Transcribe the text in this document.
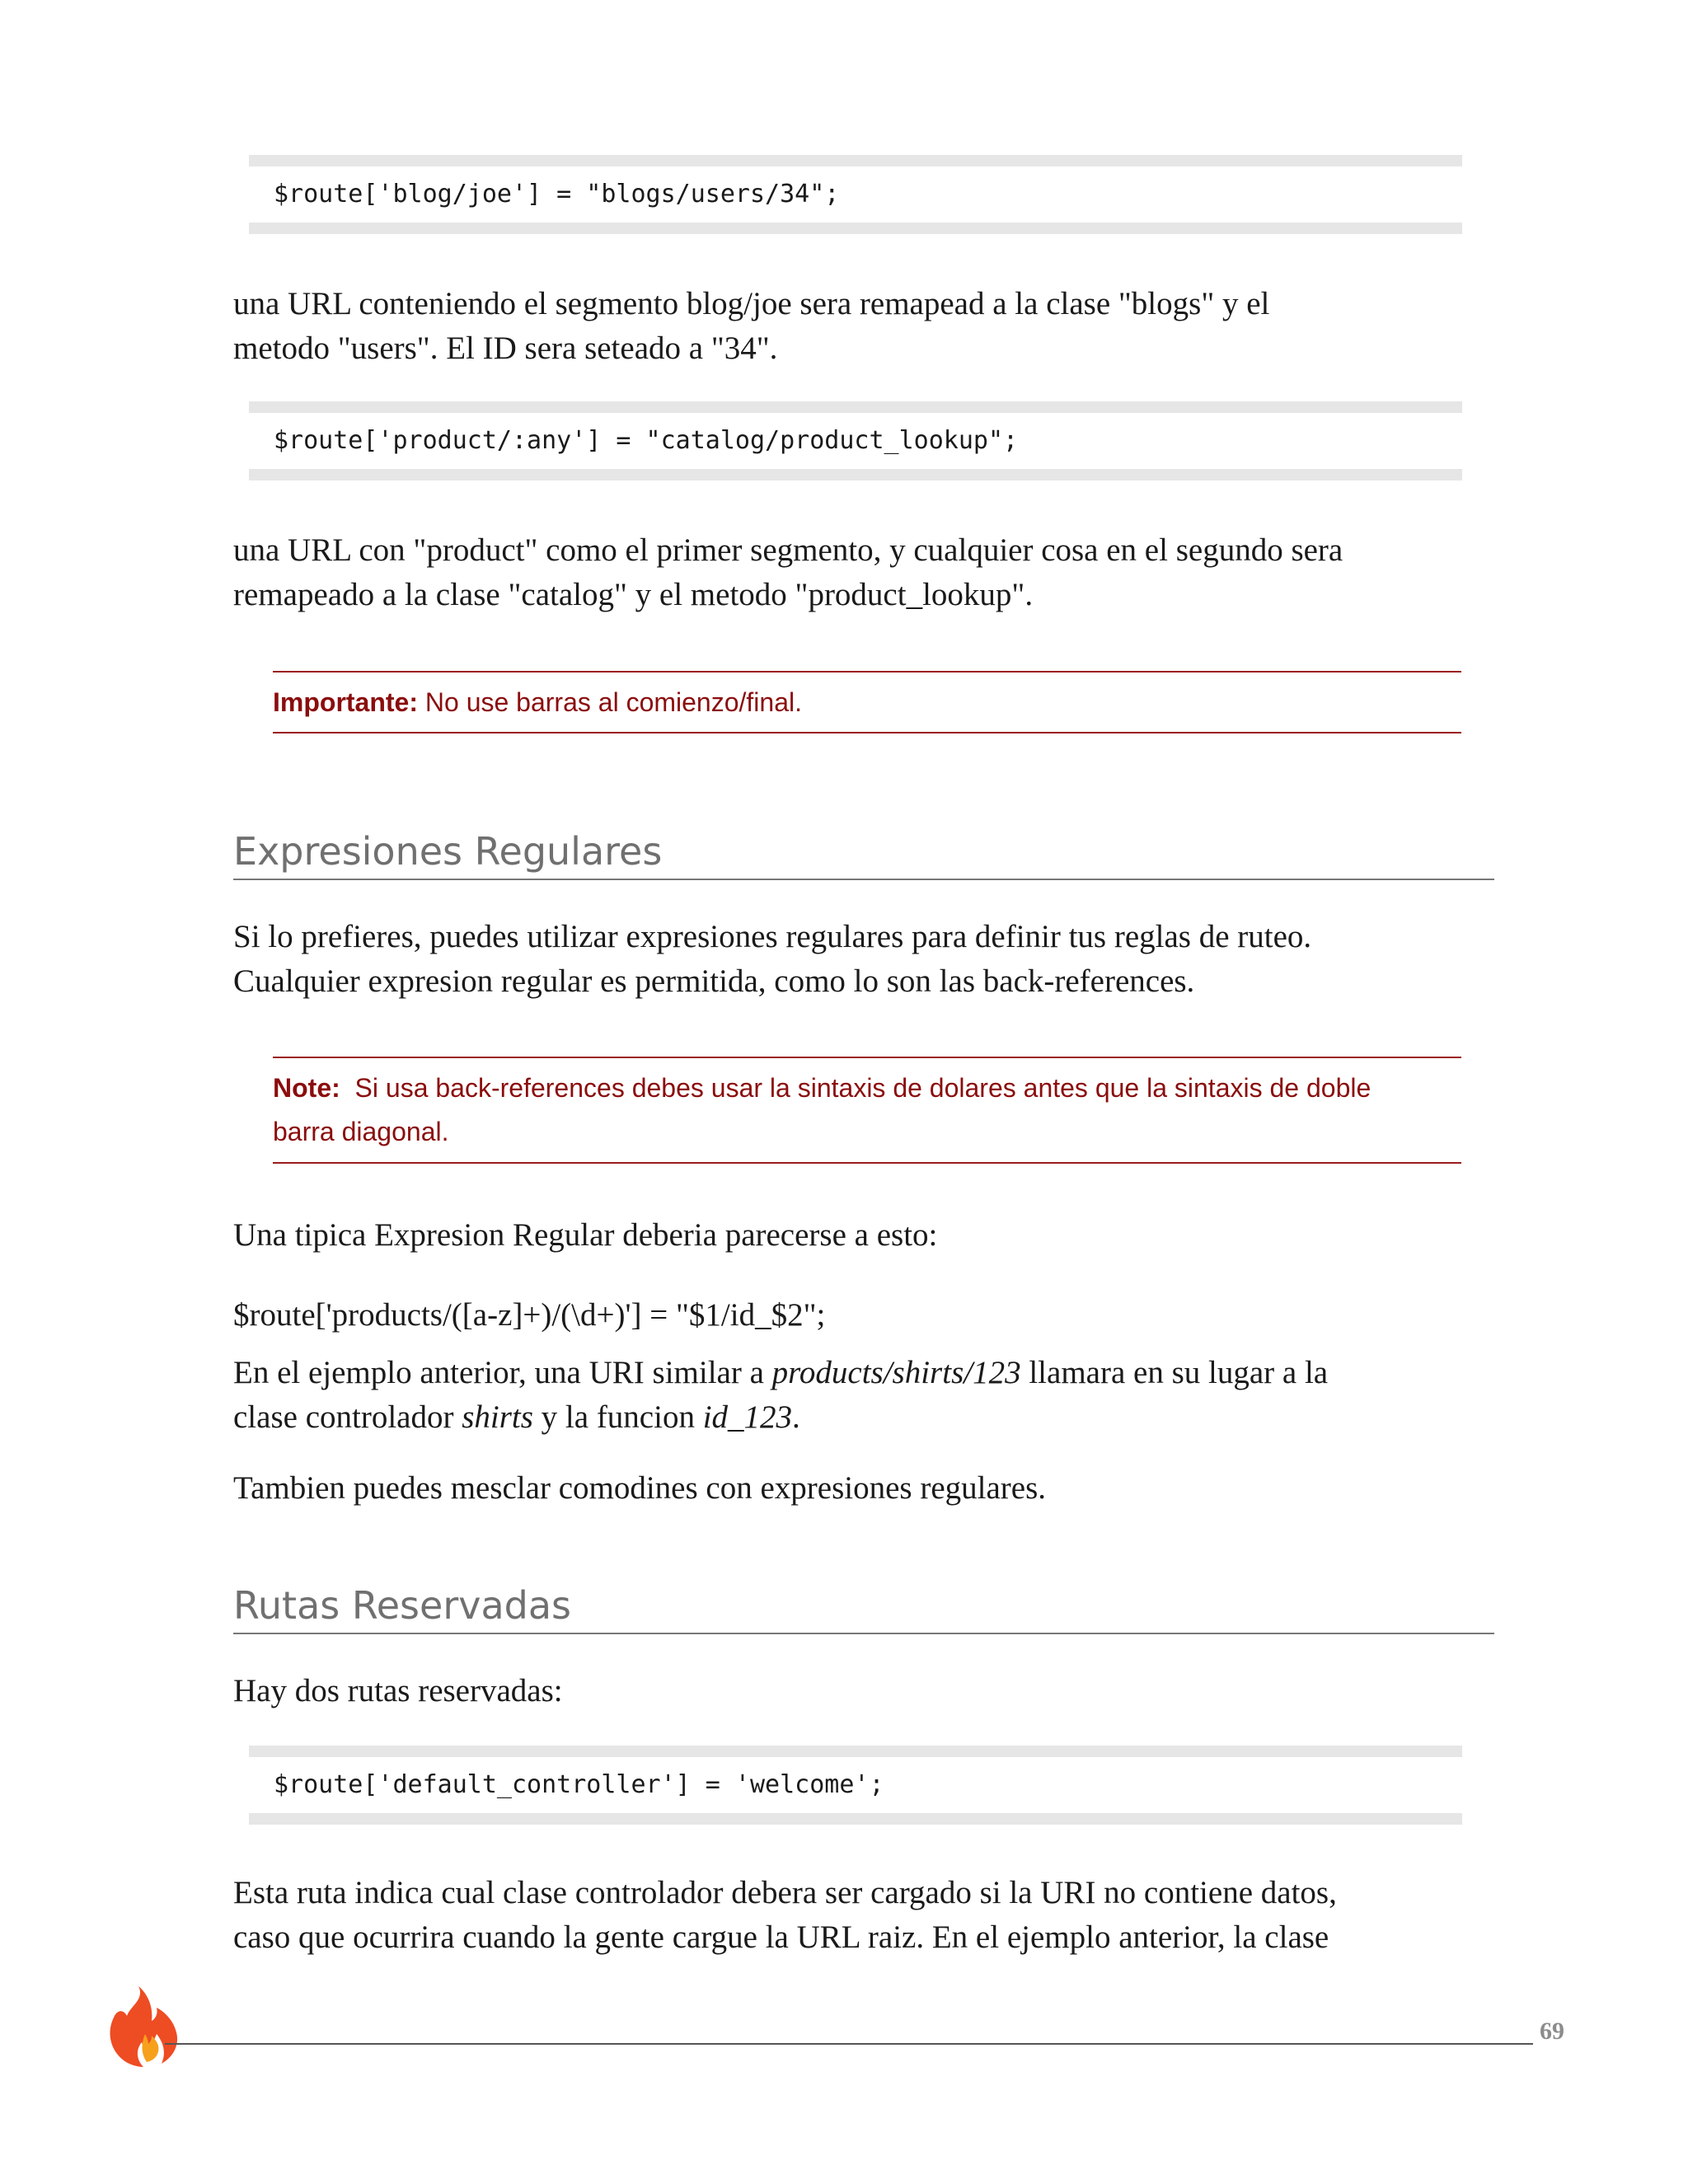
$route['blog/joe'] = "blogs/users/34";
una URL conteniendo el segmento blog/joe sera remapead a la clase "blogs" y el
metodo "users". El ID sera seteado a "34".
$route['product/:any'] = "catalog/product_lookup";
una URL con "product" como el primer segmento, y cualquier cosa en el segundo sera
remapeado a la clase "catalog" y el metodo "product_lookup".
Importante: No use barras al comienzo/final.
Expresiones Regulares
Si lo prefieres, puedes utilizar expresiones regulares para definir tus reglas de ruteo.
Cualquier expresion regular es permitida, como lo son las back-references.
Note:  Si usa back-references debes usar la sintaxis de dolares antes que la sintaxis de doble
barra diagonal.
Una tipica Expresion Regular deberia parecerse a esto:
$route['products/([a-z]+)/(\d+)'] = "$1/id_$2";
En el ejemplo anterior, una URI similar a products/shirts/123 llamara en su lugar a la
clase controlador shirts y la funcion id_123.
Tambien puedes mesclar comodines con expresiones regulares.
Rutas Reservadas
Hay dos rutas reservadas:
$route['default_controller'] = 'welcome';
Esta ruta indica cual clase controlador debera ser cargado si la URI no contiene datos,
caso que ocurrira cuando la gente cargue la URL raiz. En el ejemplo anterior, la clase
69
